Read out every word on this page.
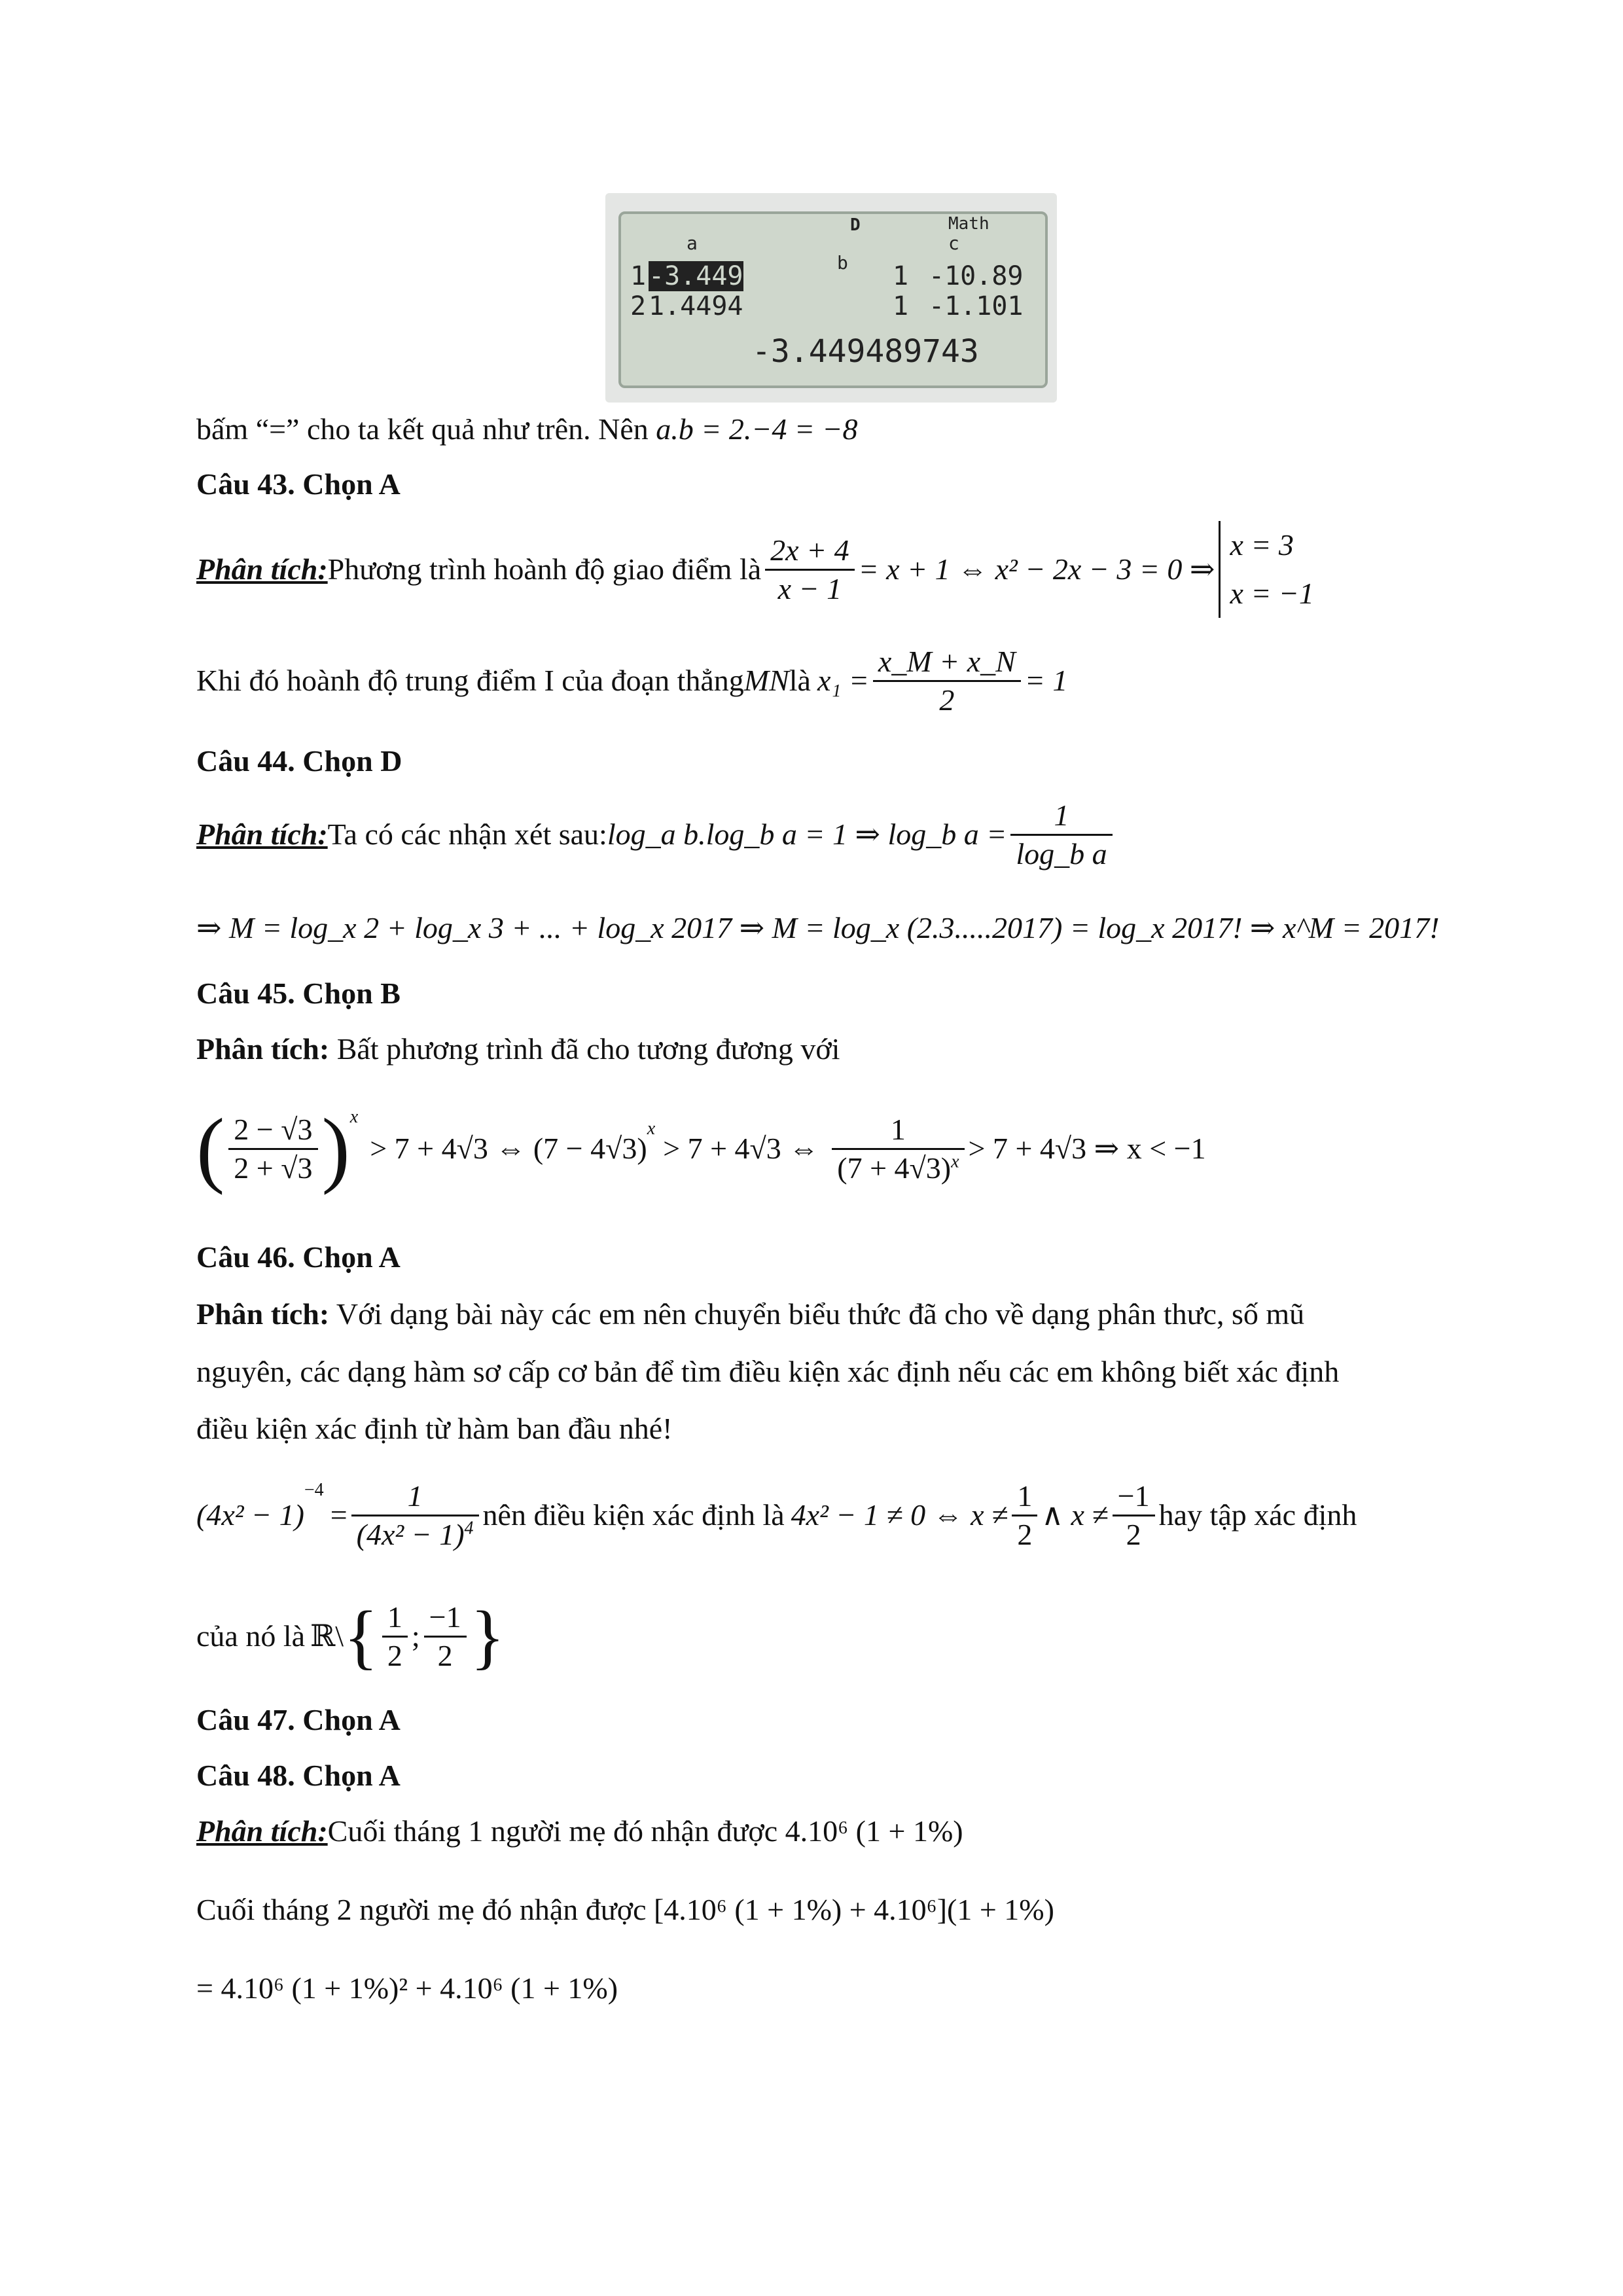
D	Math
a
b
c
1 -3.449	1 -10.89
2 1.4494	1 -1.101
-3.449489743
bấm “=” cho ta kết quả như trên. Nên a.b = 2.−4 = −8
Câu 43. Chọn A
Phân tích: Phương trình hoành độ giao điểm là $\frac{2x + 4}{x - 1} = x + 1$ ⇔ x² − 2x − 3 = 0 ⇒
x = 3
x = −1
Khi đó hoành độ trung điểm I của đoạn thẳng MN là $x_1 = \frac{x\_M + x\_N}{2} = 1$
Câu 44. Chọn D
Phân tích: Ta có các nhận xét sau: log_a b.log_b a = 1 ⇒ log_b $a = \frac{1}{\text{log\_b a}}$
⇒ M = log_x 2 + log_x 3 + ... + log_x 2017 ⇒ M = log_x (2.3.....2017) = log_x 2017! ⇒ x^M = 2017!
Câu 45. Chọn B
Phân tích: Bất phương trình đã cho tương đương với
( $\frac{2 - √3}{2 + √3}$ ) x
> 7 + 4√3 ⇔ (7 − 4√3)
x
> 7 + 4√3 ⇔ $\frac{1}{(7 + 4√3)^x} > 7 + 4√3$ ⇒ x < −1
Câu 46. Chọn A
Phân tích: Với dạng bài này các em nên chuyển biểu thức đã cho về dạng phân thưc, số mũ
nguyên, các dạng hàm sơ cấp cơ bản để tìm điều kiện xác định nếu các em không biết xác định
điều kiện xác định từ hàm ban đầu nhé!
(4x² − 1)
−4
= $\frac{1}{(4x^2 - 1)^4}$ nên điều kiện xác định là 4x² − 1 ≠ 0 ⇔ $x \ne \frac{1}{2}$ ∧ $x \ne \frac{-1}{2}$ hay tập xác định
của nó là ℝ\ { $\frac{1}{2}$ ; $\frac{-1}{2}$ }
Câu 47. Chọn A
Câu 48. Chọn A
Phân tích:Cuối tháng 1 người mẹ đó nhận được 4.10⁶ (1 + 1%)
Cuối tháng 2 người mẹ đó nhận được [4.10⁶ (1 + 1%) + 4.10⁶](1 + 1%)
= 4.10⁶ (1 + 1%)² + 4.10⁶ (1 + 1%)
